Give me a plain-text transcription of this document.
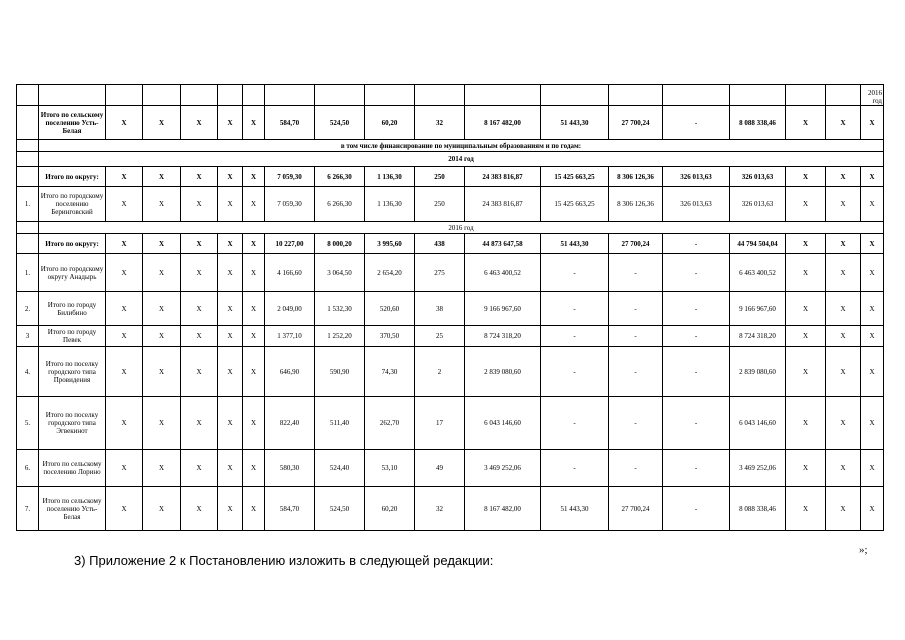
																		2016 год
	Итого по сельскому поселению Усть-Белая	Х	Х	Х	Х	Х	584,70	524,50	60,20	32	8 167 482,00	51 443,30	27 700,24	-	8 088 338,46	Х	Х	Х
	в том числе финансирование по муниципальным образованиям и по годам:																	
	2014 год																	
	Итого по округу:	Х	Х	Х	Х	Х	7 059,30	6 266,30	1 136,30	250	24 383 816,87	15 425 663,25	8 306 126,36	326 013,63	326 013,63	Х	Х	Х
1.	Итого по городскому поселению Беринговский	Х	Х	Х	Х	Х	7 059,30	6 266,30	1 136,30	250	24 383 816,87	15 425 663,25	8 306 126,36	326 013,63	326 013,63	Х	Х	Х
	2016 год																	
	Итого по округу:	Х	Х	Х	Х	Х	10 227,00	8 000,20	3 995,60	438	44 873 647,58	51 443,30	27 700,24	-	44 794 504,04	Х	Х	Х
1.	Итого по городскому округу Анадырь	Х	Х	Х	Х	Х	4 166,60	3 064,50	2 654,20	275	6 463 400,52	-	-	-	6 463 400,52	Х	Х	Х
2.	Итого по городу Билибино	Х	Х	Х	Х	Х	2 049,00	1 532,30	520,60	38	9 166 967,60	-	-	-	9 166 967,60	Х	Х	Х
3	Итого по городу Певек	Х	Х	Х	Х	Х	1 377,10	1 252,20	370,50	25	8 724 318,20	-	-	-	8 724 318,20	Х	Х	Х
4.	Итого по поселку городского типа Провидения	Х	Х	Х	Х	Х	646,90	590,90	74,30	2	2 839 080,60	-	-	-	2 839 080,60	Х	Х	Х
5.	Итого по поселку городского типа Эгвекинот	Х	Х	Х	Х	Х	822,40	511,40	262,70	17	6 043 146,60	-	-	-	6 043 146,60	Х	Х	Х
6.	Итого по сельскому поселению Лорино	Х	Х	Х	Х	Х	580,30	524,40	53,10	49	3 469 252,06	-	-	-	3 469 252,06	Х	Х	Х
7.	Итого по сельскому поселению Усть-Белая	Х	Х	Х	Х	Х	584,70	524,50	60,20	32	8 167 482,00	51 443,30	27 700,24	-	8 088 338,46	Х	Х	Х
»;
3) Приложение 2 к Постановлению изложить в следующей редакции:
